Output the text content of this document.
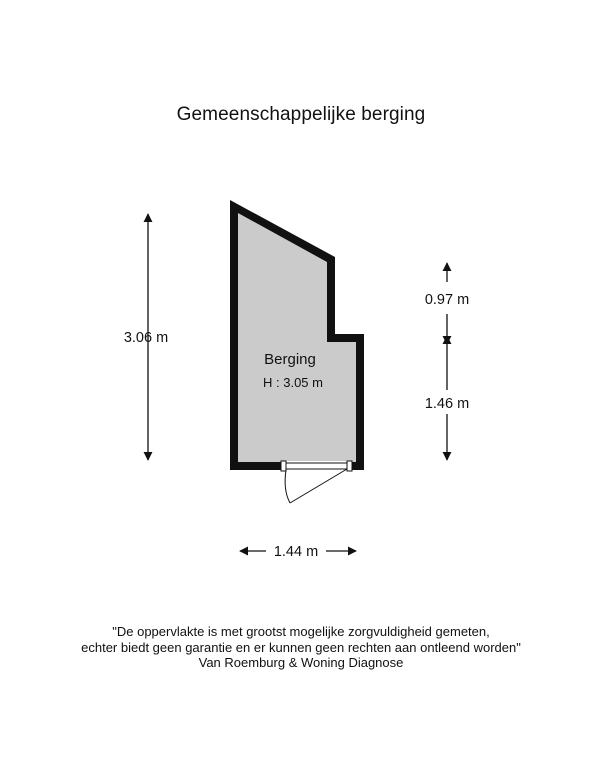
Gemeenschappelijke berging
Berging
H : 3.05 m
3.06 m
0.97 m
1.46 m
1.44 m
"De oppervlakte is met grootst mogelijke zorgvuldigheid gemeten,
echter biedt geen garantie en er kunnen geen rechten aan ontleend worden"
Van Roemburg & Woning Diagnose
